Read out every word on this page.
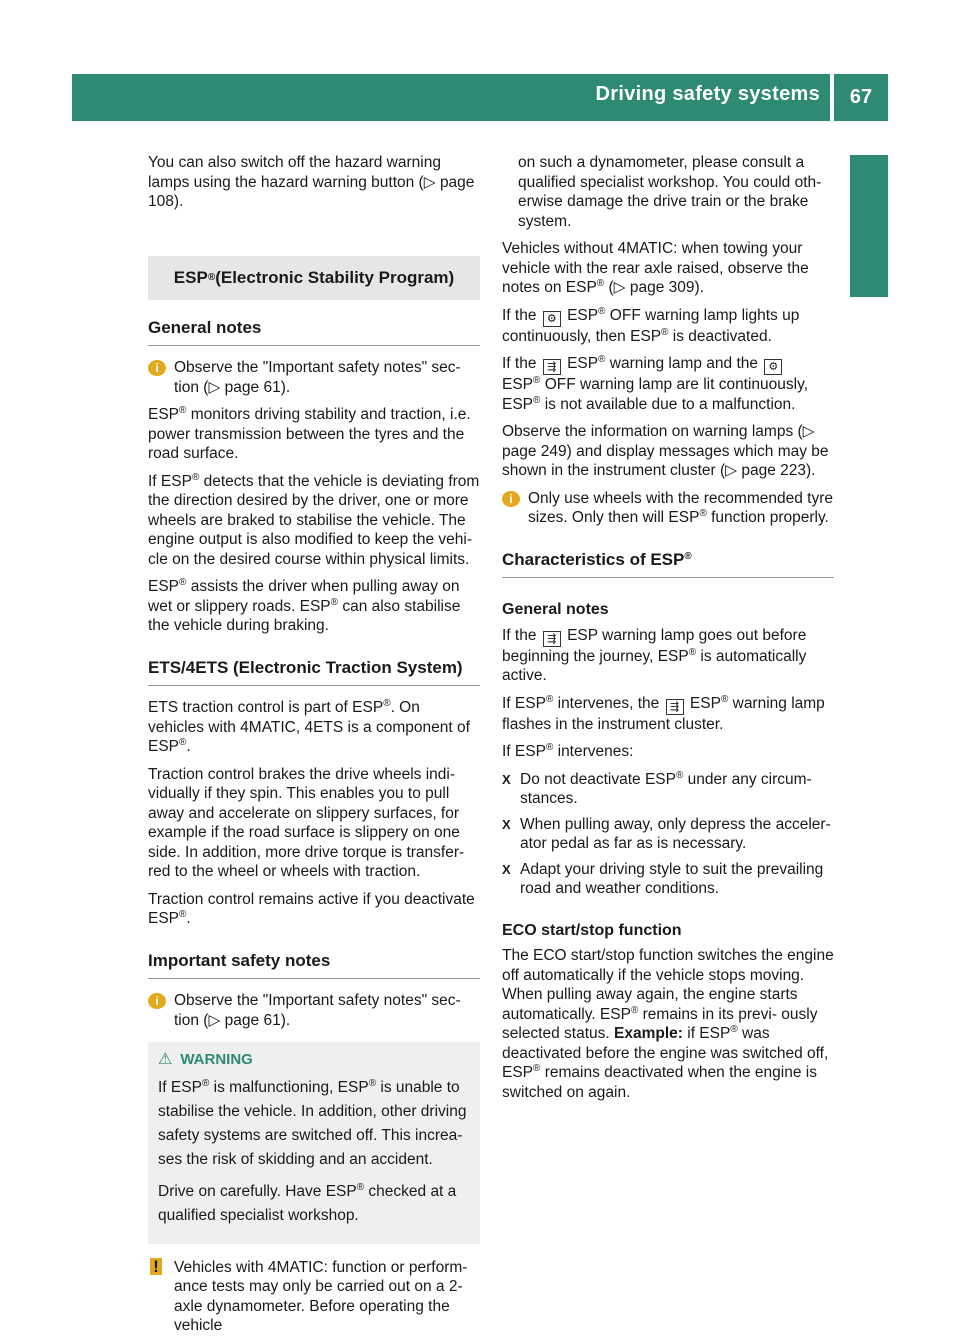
Driving safety systems	67
Safety

You can also switch off the hazard warning lamps using the hazard warning button (▷ page 108).

ESP ® (Electronic Stability Program)
General notes
i Observe the "Important safety notes" sec- tion (▷ page 61).

ESP® monitors driving stability and traction, i.e. power transmission between the tyres and the road surface.

If ESP® detects that the vehicle is deviating from the direction desired by the driver, one or more wheels are braked to stabilise the vehicle. The engine output is also modified to keep the vehi- cle on the desired course within physical limits.

ESP® assists the driver when pulling away on wet or slippery roads. ESP® can also stabilise the vehicle during braking.

ETS/4ETS (Electronic Traction System)

ETS traction control is part of ESP®. On vehicles with 4MATIC, 4ETS is a component of ESP®.

Traction control brakes the drive wheels indi- vidually if they spin. This enables you to pull away and accelerate on slippery surfaces, for example if the road surface is slippery on one side. In addition, more drive torque is transfer- red to the wheel or wheels with traction.

Traction control remains active if you deactivate ESP®.

Important safety notes
i Observe the "Important safety notes" sec- tion (▷ page 61).
⚠ WARNING

If ESP® is malfunctioning, ESP® is unable to stabilise the vehicle. In addition, other driving safety systems are switched off. This increa- ses the risk of skidding and an accident.

Drive on carefully. Have ESP® checked at a qualified specialist workshop.

! Vehicles with 4MATIC: function or perform- ance tests may only be carried out on a 2-axle dynamometer. Before operating the vehicle

on such a dynamometer, please consult a qualified specialist workshop. You could oth- erwise damage the drive train or the brake system.

Vehicles without 4MATIC: when towing your vehicle with the rear axle raised, observe the notes on ESP® (▷ page 309).

If the ⚙ ESP® OFF warning lamp lights up continuously, then ESP® is deactivated.

If the ⇶ ESP® warning lamp and the ⚙
ESP® OFF warning lamp are lit continuously, ESP® is not available due to a malfunction.

Observe the information on warning lamps (▷ page 249) and display messages which may be shown in the instrument cluster (▷ page 223).

i Only use wheels with the recommended tyre sizes. Only then will ESP® function properly.
Characteristics of ESP®
General notes

If the ⇶ ESP warning lamp goes out before beginning the journey, ESP® is automatically active.

If ESP® intervenes, the ⇶ ESP® warning lamp flashes in the instrument cluster.

If ESP® intervenes:

X Do not deactivate ESP® under any circum- stances.
X When pulling away, only depress the acceler- ator pedal as far as is necessary.
X Adapt your driving style to suit the prevailing road and weather conditions.
ECO start/stop function

The ECO start/stop function switches the engine off automatically if the vehicle stops moving. When pulling away again, the engine starts automatically. ESP® remains in its previ- ously selected status. Example: if ESP® was deactivated before the engine was switched off, ESP® remains deactivated when the engine is switched on again.
